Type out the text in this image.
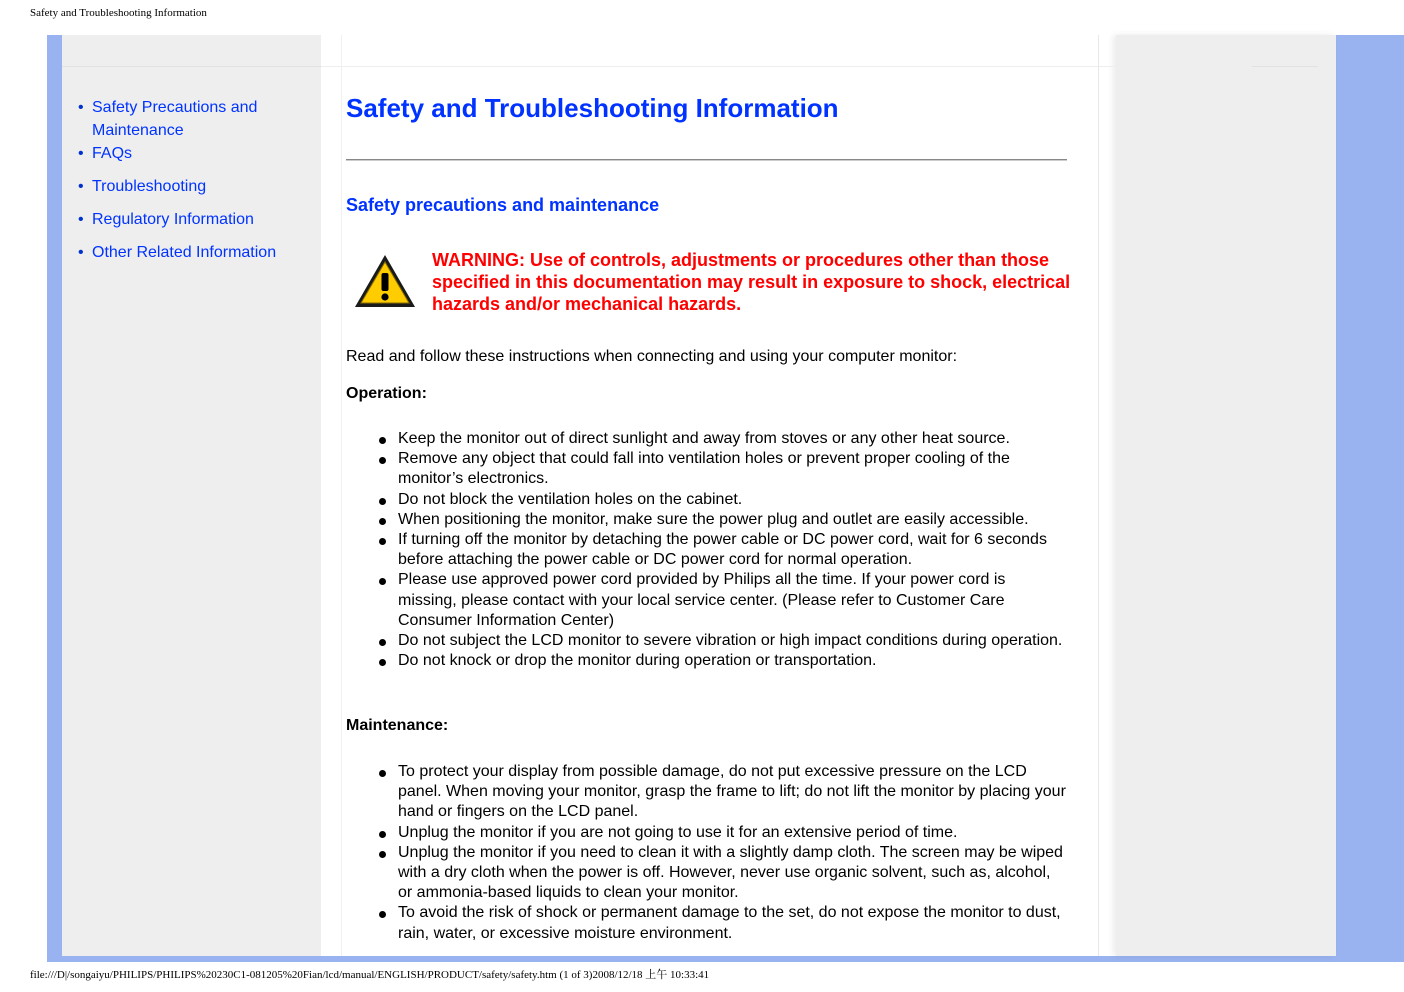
Safety and Troubleshooting Information
• Safety Precautions and Maintenance
• FAQs
• Troubleshooting
• Regulatory Information
• Other Related Information
Safety and Troubleshooting Information
Safety precautions and maintenance
WARNING: Use of controls, adjustments or procedures other than those specified in this documentation may result in exposure to shock, electrical hazards and/or mechanical hazards.
Read and follow these instructions when connecting and using your computer monitor:
Operation:
Keep the monitor out of direct sunlight and away from stoves or any other heat source.
Remove any object that could fall into ventilation holes or prevent proper cooling of the monitor’s electronics.
Do not block the ventilation holes on the cabinet.
When positioning the monitor, make sure the power plug and outlet are easily accessible.
If turning off the monitor by detaching the power cable or DC power cord, wait for 6 seconds before attaching the power cable or DC power cord for normal operation.
Please use approved power cord provided by Philips all the time. If your power cord is missing, please contact with your local service center. (Please refer to Customer Care Consumer Information Center)
Do not subject the LCD monitor to severe vibration or high impact conditions during operation.
Do not knock or drop the monitor during operation or transportation.
Maintenance:
To protect your display from possible damage, do not put excessive pressure on the LCD panel. When moving your monitor, grasp the frame to lift; do not lift the monitor by placing your hand or fingers on the LCD panel.
Unplug the monitor if you are not going to use it for an extensive period of time.
Unplug the monitor if you need to clean it with a slightly damp cloth. The screen may be wiped with a dry cloth when the power is off. However, never use organic solvent, such as, alcohol, or ammonia-based liquids to clean your monitor.
To avoid the risk of shock or permanent damage to the set, do not expose the monitor to dust, rain, water, or excessive moisture environment.
file:///D|/songaiyu/PHILIPS/PHILIPS%20230C1-081205%20Fian/lcd/manual/ENGLISH/PRODUCT/safety/safety.htm (1 of 3)2008/12/18 上午 10:33:41
